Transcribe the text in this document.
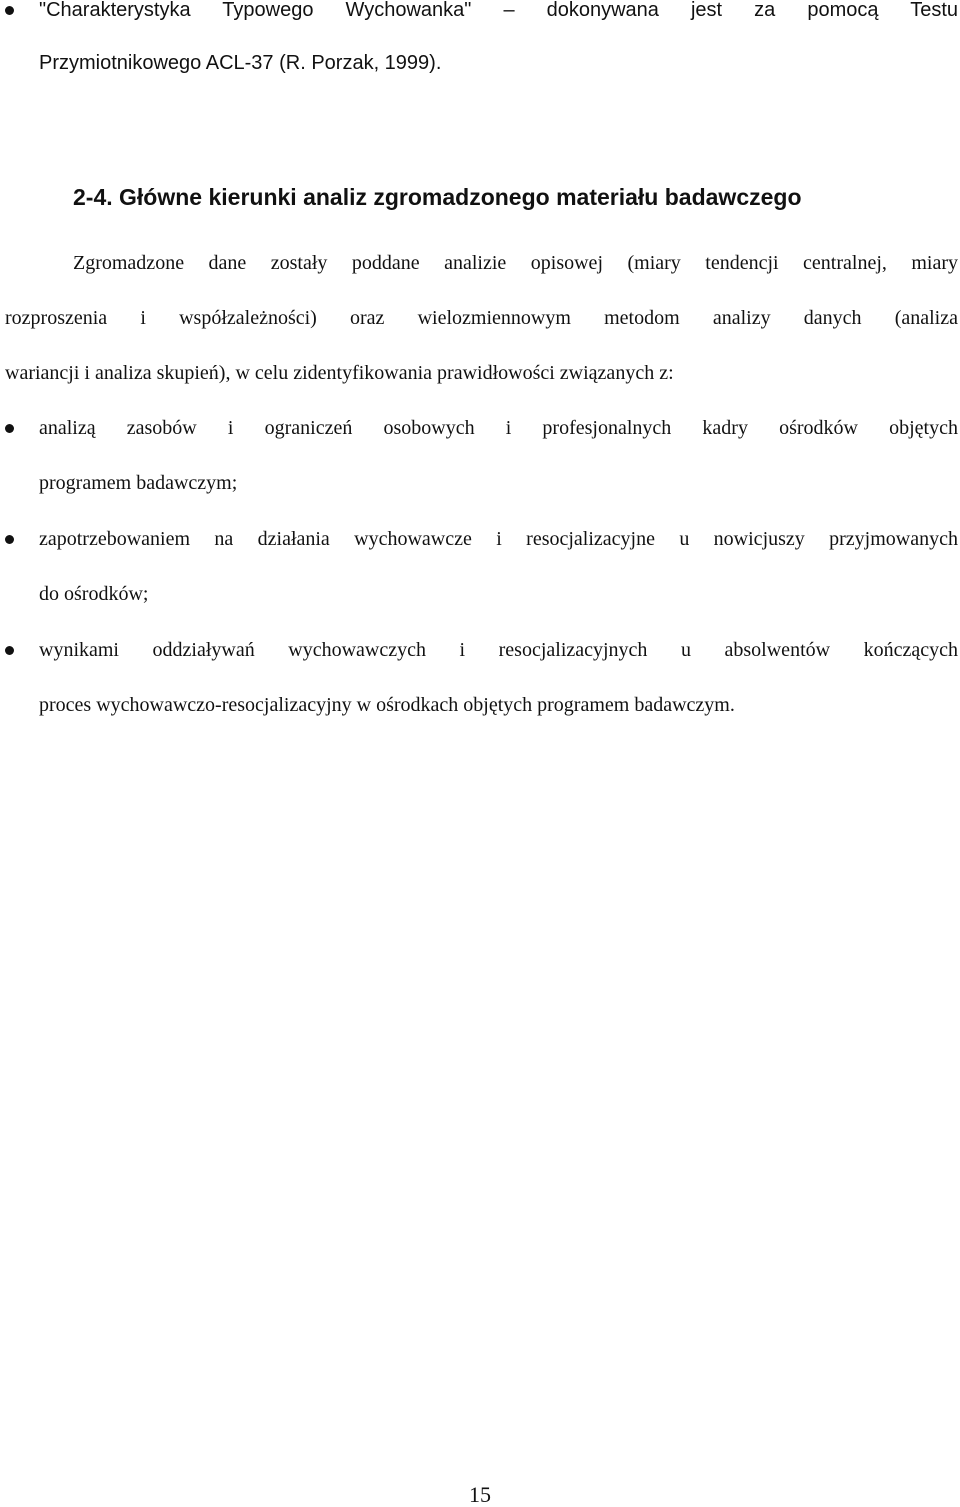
"Charakterystyka Typowego Wychowanka" – dokonywana jest za pomocą Testu
Przymiotnikowego ACL-37 (R. Porzak, 1999).
2-4. Główne kierunki analiz zgromadzonego materiału badawczego
Zgromadzone dane zostały poddane analizie opisowej (miary tendencji centralnej, miary
rozproszenia i współzależności) oraz wielozmiennowym metodom analizy danych (analiza
wariancji i analiza skupień), w celu zidentyfikowania prawidłowości związanych z:
analizą zasobów i ograniczeń osobowych i profesjonalnych kadry ośrodków objętych
programem badawczym;
zapotrzebowaniem na działania wychowawcze i resocjalizacyjne u nowicjuszy przyjmowanych
do ośrodków;
wynikami oddziaływań wychowawczych i resocjalizacyjnych u absolwentów kończących
proces wychowawczo-resocjalizacyjny w ośrodkach objętych programem badawczym.
15
